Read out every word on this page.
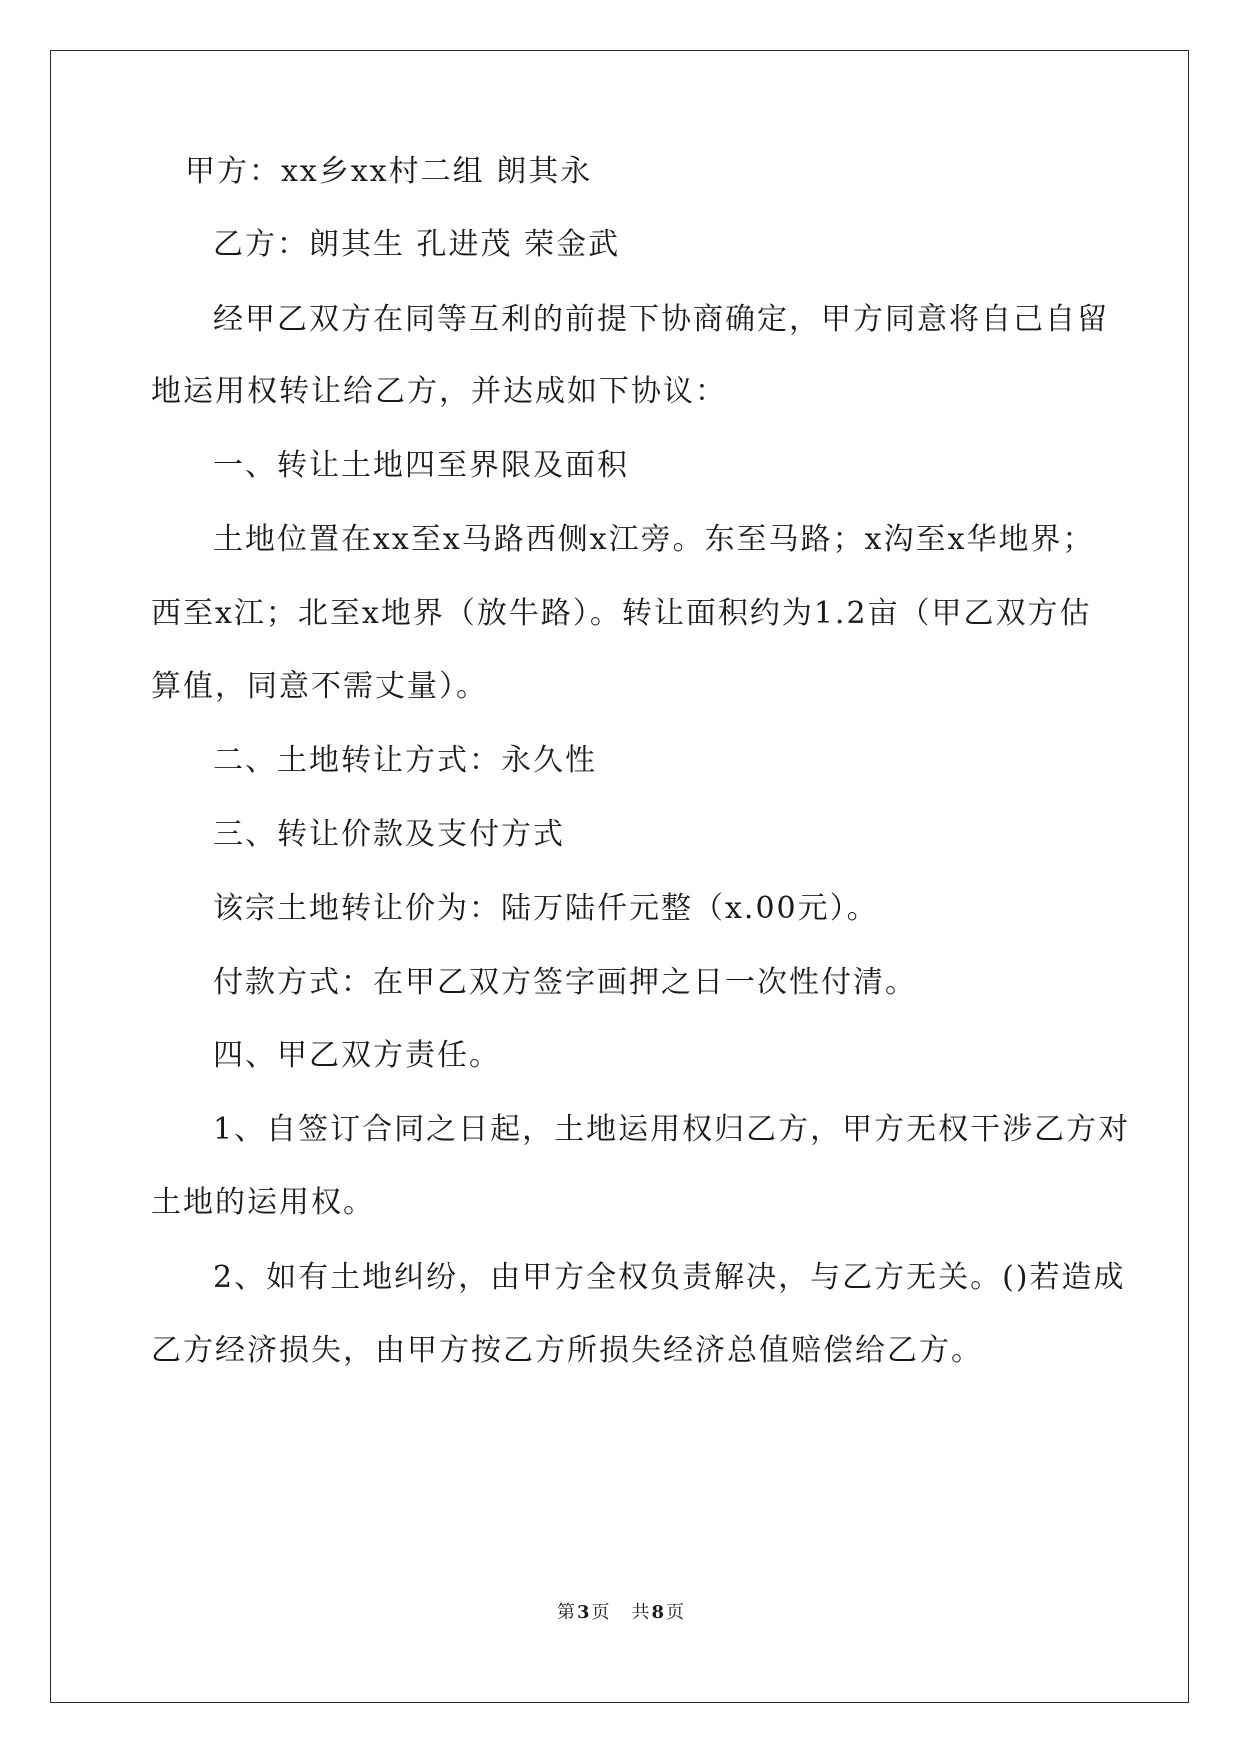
甲方：xx乡xx村二组 朗其永
乙方：朗其生 孔进茂 荣金武
经甲乙双方在同等互利的前提下协商确定，甲方同意将自己自留
地运用权转让给乙方，并达成如下协议：
一、转让土地四至界限及面积
土地位置在xx至x马路西侧x江旁。东至马路；x沟至x华地界；
西至x江；北至x地界（放牛路）。转让面积约为1.2亩（甲乙双方估
算值，同意不需丈量）。
二、土地转让方式：永久性
三、转让价款及支付方式
该宗土地转让价为：陆万陆仟元整（x.00元）。
付款方式：在甲乙双方签字画押之日一次性付清。
四、甲乙双方责任。
1、自签订合同之日起，土地运用权归乙方，甲方无权干涉乙方对
土地的运用权。
2、如有土地纠纷，由甲方全权负责解决，与乙方无关。()若造成
乙方经济损失，由甲方按乙方所损失经济总值赔偿给乙方。
第 3 页 共 8 页
